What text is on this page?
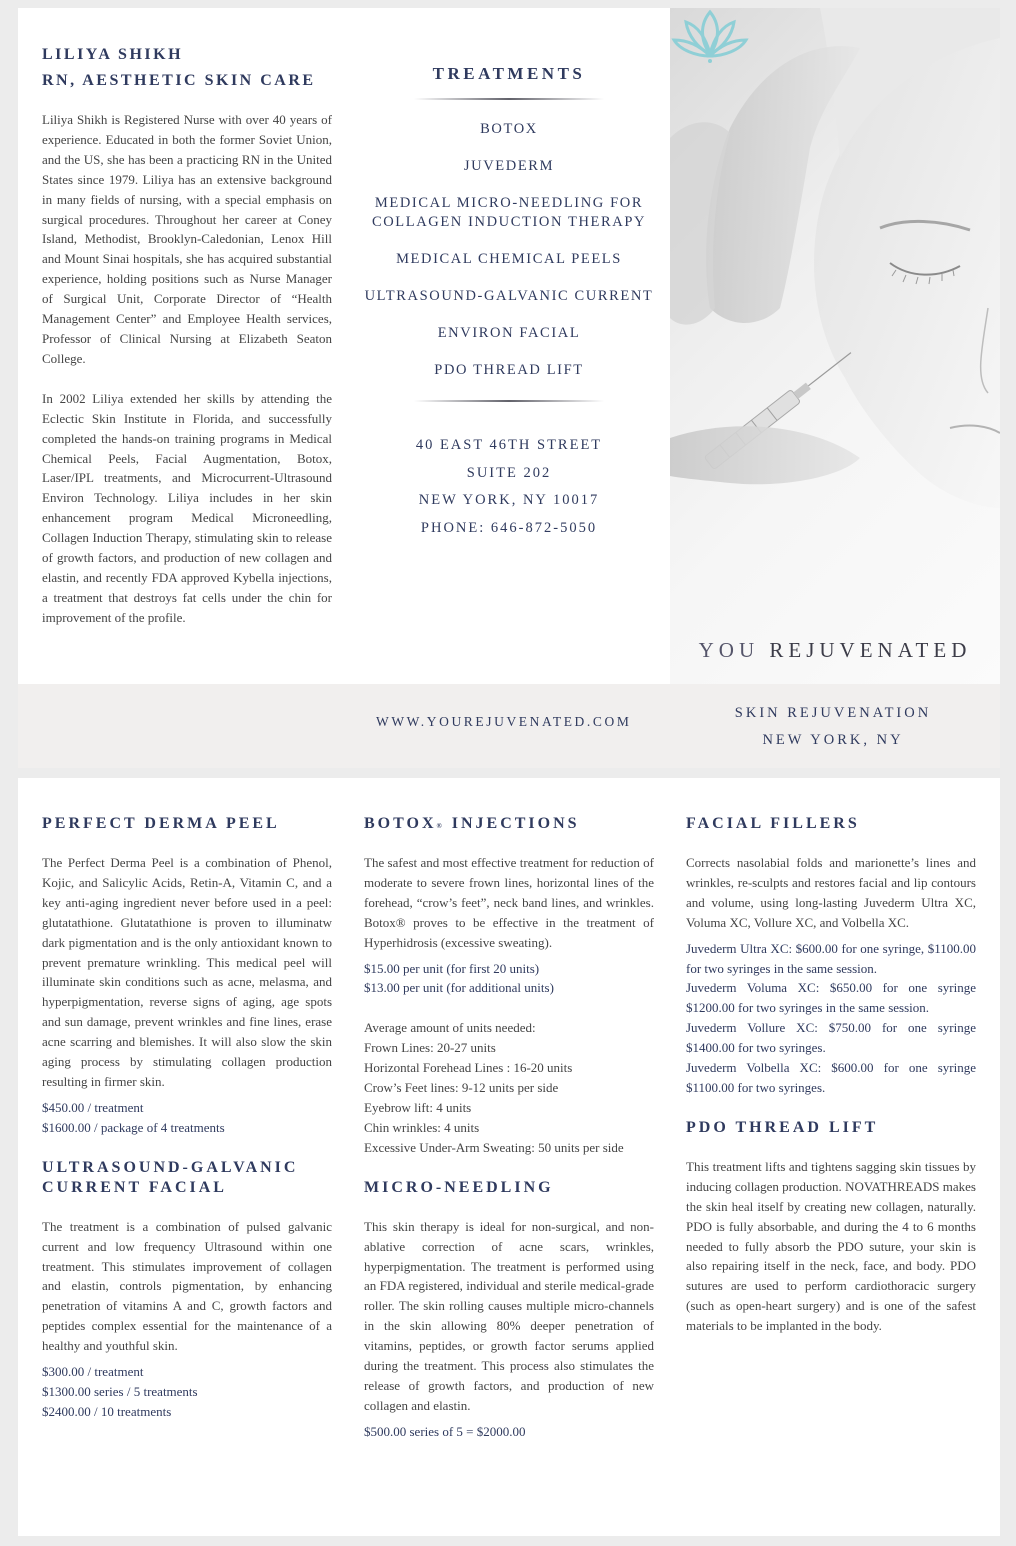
LILIYA SHIKH
RN, AESTHETIC SKIN CARE

Liliya Shikh is Registered Nurse with over 40 years of experience. Educated in both the former Soviet Union, and the US, she has been a practicing RN in the United States since 1979. Liliya has an extensive background in many fields of nursing, with a special emphasis on surgical procedures. Throughout her career at Coney Island, Methodist, Brooklyn-Caledonian, Lenox Hill and Mount Sinai hospitals, she has acquired substantial experience, holding positions such as Nurse Manager of Surgical Unit, Corporate Director of “Health Management Center” and Employee Health services, Professor of Clinical Nursing at Elizabeth Seaton College.

In 2002 Liliya extended her skills by attending the Eclectic Skin Institute in Florida, and successfully completed the hands-on training programs in Medical Chemical Peels, Facial Augmentation, Botox, Laser/IPL treatments, and Microcurrent-Ultrasound Environ Technology. Liliya includes in her skin enhancement program Medical Microneedling, Collagen Induction Therapy, stimulating skin to release of growth factors, and production of new collagen and elastin, and recently FDA approved Kybella injections, a treatment that destroys fat cells under the chin for improvement of the profile.

TREATMENTS
BOTOX
JUVEDERM
MEDICAL MICRO-NEEDLING FOR COLLAGEN INDUCTION THERAPY
MEDICAL CHEMICAL PEELS
ULTRASOUND-GALVANIC CURRENT
ENVIRON FACIAL
PDO THREAD LIFT
40 EAST 46TH STREET
SUITE 202
NEW YORK, NY 10017
PHONE: 646-872-5050
YOU REJUVENATED
WWW.YOUREJUVENATED.COM
SKIN REJUVENATION
NEW YORK, NY
PERFECT DERMA PEEL

The Perfect Derma Peel is a combination of Phenol, Kojic, and Salicylic Acids, Retin-A, Vitamin C, and a key anti-aging ingredient never before used in a peel: glutatathione. Glutatathione is proven to illuminatw dark pigmentation and is the only antioxidant known to prevent premature wrinkling. This medical peel will illuminate skin conditions such as acne, melasma, and hyperpigmentation, reverse signs of aging, age spots and sun damage, prevent wrinkles and fine lines, erase acne scarring and blemishes. It will also slow the skin aging process by stimulating collagen production resulting in firmer skin.

$450.00 / treatment

$1600.00 / package of 4 treatments

ULTRASOUND-GALVANIC CURRENT FACIAL

The treatment is a combination of pulsed galvanic current and low frequency Ultrasound within one treatment. This stimulates improvement of collagen and elastin, controls pigmentation, by enhancing penetration of vitamins A and C, growth factors and peptides complex essential for the maintenance of a healthy and youthful skin.

$300.00 / treatment

$1300.00 series / 5 treatments

$2400.00 / 10 treatments

BOTOX® INJECTIONS

The safest and most effective treatment for reduction of moderate to severe frown lines, horizontal lines of the forehead, “crow’s feet”, neck band lines, and wrinkles. Botox® proves to be effective in the treatment of Hyperhidrosis (excessive sweating).

$15.00 per unit (for first 20 units)

$13.00 per unit (for additional units)

Average amount of units needed:

Frown Lines: 20-27 units

Horizontal Forehead Lines : 16-20 units

Crow’s Feet lines: 9-12 units per side

Eyebrow lift: 4 units

Chin wrinkles: 4 units

Excessive Under-Arm Sweating: 50 units per side

MICRO-NEEDLING

This skin therapy is ideal for non-surgical, and non-ablative correction of acne scars, wrinkles, hyperpigmentation. The treatment is performed using an FDA registered, individual and sterile medical-grade roller. The skin rolling causes multiple micro-channels in the skin allowing 80% deeper penetration of vitamins, peptides, or growth factor serums applied during the treatment. This process also stimulates the release of growth factors, and production of new collagen and elastin.

$500.00 series of 5 = $2000.00

FACIAL FILLERS

Corrects nasolabial folds and marionette’s lines and wrinkles, re-sculpts and restores facial and lip contours and volume, using long-lasting Juvederm Ultra XC, Voluma XC, Vollure XC, and Volbella XC.

Juvederm Ultra XC: $600.00 for one syringe, $1100.00 for two syringes in the same session.

Juvederm Voluma XC: $650.00 for one syringe $1200.00 for two syringes in the same session.

Juvederm Vollure XC: $750.00 for one syringe $1400.00 for two syringes.

Juvederm Volbella XC: $600.00 for one syringe $1100.00 for two syringes.

PDO THREAD LIFT

This treatment lifts and tightens sagging skin tissues by inducing collagen production. NOVATHREADS makes the skin heal itself by creating new collagen, naturally. PDO is fully absorbable, and during the 4 to 6 months needed to fully absorb the PDO suture, your skin is also repairing itself in the neck, face, and body. PDO sutures are used to perform cardiothoracic surgery (such as open-heart surgery) and is one of the safest materials to be implanted in the body.
